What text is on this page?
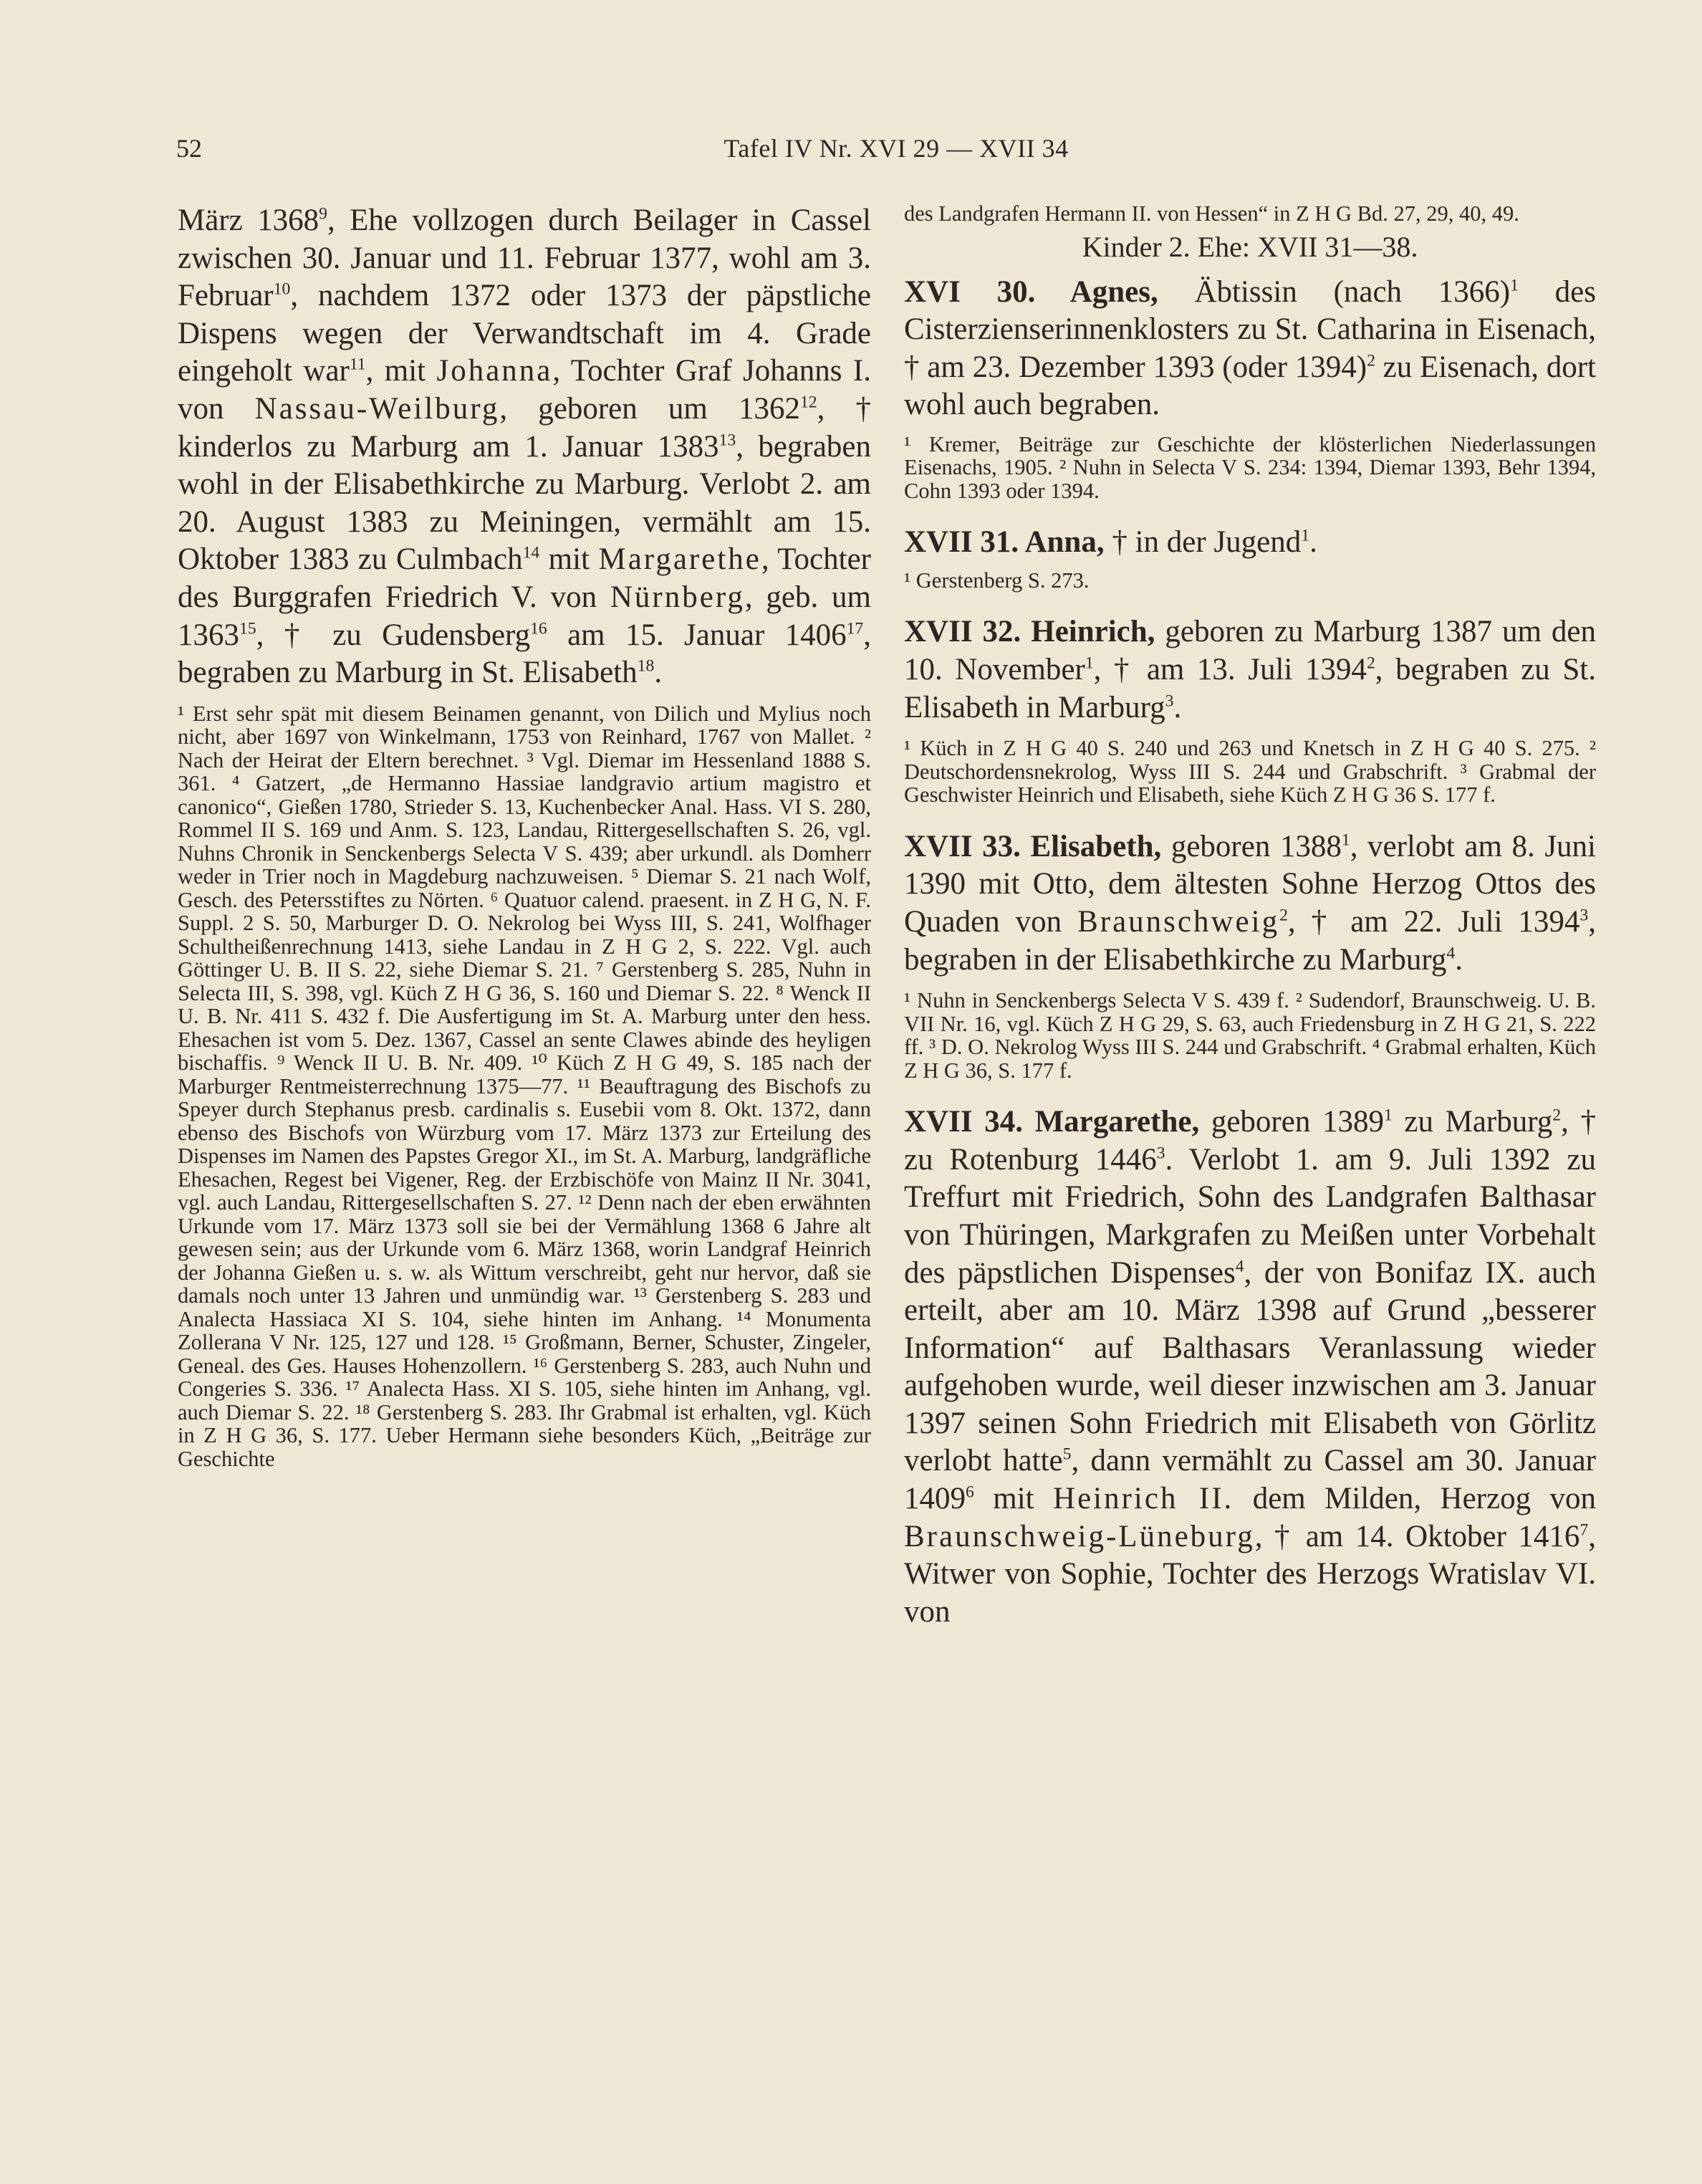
52	Tafel IV Nr. XVI 29 — XVII 34

März 1368$^9$, Ehe vollzogen durch Beilager in Cassel zwischen 30. Januar und 11. Februar 1377, wohl am 3. Februar$^{10}$, nachdem 1372 oder 1373 der päpstliche Dispens wegen der Verwandtschaft im 4. Grade eingeholt war$^{11}$, mit Johanna, Tochter Graf Johanns I. von Nassau-Weilburg, geboren um 1362$^{12}$, † kinderlos zu Marburg am 1. Januar 1383$^{13}$, begraben wohl in der Elisabethkirche zu Marburg. Verlobt 2. am 20. August 1383 zu Meiningen, vermählt am 15. Oktober 1383 zu Culmbach$^{14}$ mit Margarethe, Tochter des Burggrafen Friedrich V. von Nürnberg, geb. um 1363$^{15}$, † zu Gudensberg$^{16}$ am 15. Januar 1406$^{17}$, begraben zu Marburg in St. Elisabeth$^{18}$.

¹ Erst sehr spät mit diesem Beinamen genannt, von Dilich und Mylius noch nicht, aber 1697 von Winkelmann, 1753 von Reinhard, 1767 von Mallet. ² Nach der Heirat der Eltern berechnet. ³ Vgl. Diemar im Hessenland 1888 S. 361. ⁴ Gatzert, „de Hermanno Hassiae landgravio artium magistro et canonico“, Gießen 1780, Strieder S. 13, Kuchenbecker Anal. Hass. VI S. 280, Rommel II S. 169 und Anm. S. 123, Landau, Rittergesellschaften S. 26, vgl. Nuhns Chronik in Senckenbergs Selecta V S. 439; aber urkundl. als Domherr weder in Trier noch in Magdeburg nachzuweisen. ⁵ Diemar S. 21 nach Wolf, Gesch. des Petersstiftes zu Nörten. ⁶ Quatuor calend. praesent. in Z H G, N. F. Suppl. 2 S. 50, Marburger D. O. Nekrolog bei Wyss III, S. 241, Wolfhager Schultheißenrechnung 1413, siehe Landau in Z H G 2, S. 222. Vgl. auch Göttinger U. B. II S. 22, siehe Diemar S. 21. ⁷ Gerstenberg S. 285, Nuhn in Selecta III, S. 398, vgl. Küch Z H G 36, S. 160 und Diemar S. 22. ⁸ Wenck II U. B. Nr. 411 S. 432 f. Die Ausfertigung im St. A. Marburg unter den hess. Ehesachen ist vom 5. Dez. 1367, Cassel an sente Clawes abinde des heyligen bischaffis. ⁹ Wenck II U. B. Nr. 409. ¹⁰ Küch Z H G 49, S. 185 nach der Marburger Rentmeisterrechnung 1375—77. ¹¹ Beauftragung des Bischofs zu Speyer durch Stephanus presb. cardinalis s. Eusebii vom 8. Okt. 1372, dann ebenso des Bischofs von Würzburg vom 17. März 1373 zur Erteilung des Dispenses im Namen des Papstes Gregor XI., im St. A. Marburg, landgräfliche Ehesachen, Regest bei Vigener, Reg. der Erzbischöfe von Mainz II Nr. 3041, vgl. auch Landau, Rittergesellschaften S. 27. ¹² Denn nach der eben erwähnten Urkunde vom 17. März 1373 soll sie bei der Vermählung 1368 6 Jahre alt gewesen sein; aus der Urkunde vom 6. März 1368, worin Landgraf Heinrich der Johanna Gießen u. s. w. als Wittum verschreibt, geht nur hervor, daß sie damals noch unter 13 Jahren und unmündig war. ¹³ Gerstenberg S. 283 und Analecta Hassiaca XI S. 104, siehe hinten im Anhang. ¹⁴ Monumenta Zollerana V Nr. 125, 127 und 128. ¹⁵ Großmann, Berner, Schuster, Zingeler, Geneal. des Ges. Hauses Hohenzollern. ¹⁶ Gerstenberg S. 283, auch Nuhn und Congeries S. 336. ¹⁷ Analecta Hass. XI S. 105, siehe hinten im Anhang, vgl. auch Diemar S. 22. ¹⁸ Gerstenberg S. 283. Ihr Grabmal ist erhalten, vgl. Küch in Z H G 36, S. 177. Ueber Hermann siehe besonders Küch, „Beiträge zur Geschichte

des Landgrafen Hermann II. von Hessen“ in Z H G Bd. 27, 29, 40, 49.

Kinder 2. Ehe: XVII 31—38.

XVI 30. Agnes, Äbtissin (nach 1366)$^1$ des Cisterzienserinnenklosters zu St. Catharina in Eisenach, † am 23. Dezember 1393 (oder 1394)$^2$ zu Eisenach, dort wohl auch begraben.

¹ Kremer, Beiträge zur Geschichte der klösterlichen Niederlassungen Eisenachs, 1905. ² Nuhn in Selecta V S. 234: 1394, Diemar 1393, Behr 1394, Cohn 1393 oder 1394.

XVII 31. Anna, † in der Jugend$^1$.

¹ Gerstenberg S. 273.

XVII 32. Heinrich, geboren zu Marburg 1387 um den 10. November$^1$, † am 13. Juli 1394$^2$, begraben zu St. Elisabeth in Marburg$^3$.

¹ Küch in Z H G 40 S. 240 und 263 und Knetsch in Z H G 40 S. 275. ² Deutschordensnekrolog, Wyss III S. 244 und Grabschrift. ³ Grabmal der Geschwister Heinrich und Elisabeth, siehe Küch Z H G 36 S. 177 f.

XVII 33. Elisabeth, geboren 1388$^1$, verlobt am 8. Juni 1390 mit Otto, dem ältesten Sohne Herzog Ottos des Quaden von Braunschweig$^2$, † am 22. Juli 1394$^3$, begraben in der Elisabethkirche zu Marburg$^4$.

¹ Nuhn in Senckenbergs Selecta V S. 439 f. ² Sudendorf, Braunschweig. U. B. VII Nr. 16, vgl. Küch Z H G 29, S. 63, auch Friedensburg in Z H G 21, S. 222 ff. ³ D. O. Nekrolog Wyss III S. 244 und Grabschrift. ⁴ Grabmal erhalten, Küch Z H G 36, S. 177 f.

XVII 34. Margarethe, geboren 1389$^1$ zu Marburg$^2$, † zu Rotenburg 1446$^3$. Verlobt 1. am 9. Juli 1392 zu Treffurt mit Friedrich, Sohn des Landgrafen Balthasar von Thüringen, Markgrafen zu Meißen unter Vorbehalt des päpstlichen Dispenses$^4$, der von Bonifaz IX. auch erteilt, aber am 10. März 1398 auf Grund „besserer Information“ auf Balthasars Veranlassung wieder aufgehoben wurde, weil dieser inzwischen am 3. Januar 1397 seinen Sohn Friedrich mit Elisabeth von Görlitz verlobt hatte$^5$, dann vermählt zu Cassel am 30. Januar 1409$^6$ mit Heinrich II. dem Milden, Herzog von Braunschweig-Lüneburg, † am 14. Oktober 1416$^7$, Witwer von Sophie, Tochter des Herzogs Wratislav VI. von
